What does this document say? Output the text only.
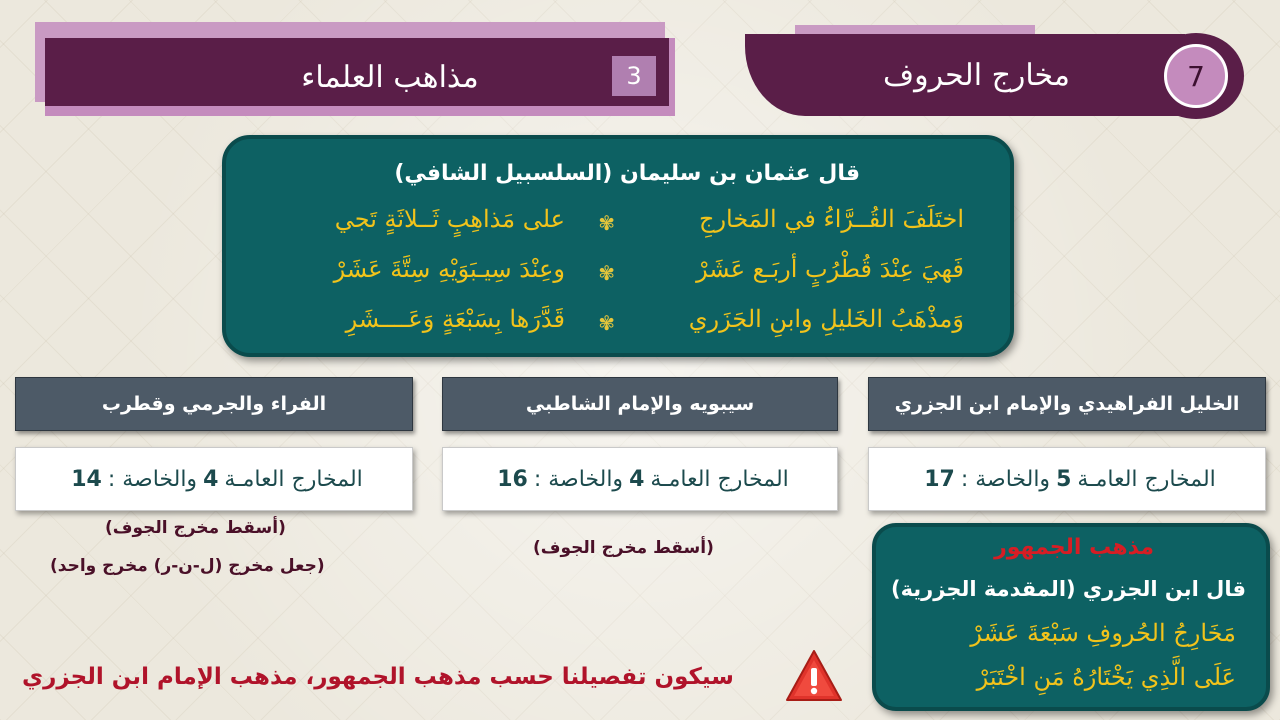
مذاهب العلماء	3	مخارج الحروف	7
قال عثمان بن سليمان (السلسبيل الشافي)
اختَلَفَ القُــرَّاءُ في المَخارجِ
✾
على مَذاهِبٍ ثَــلاثَةٍ تَجي
فَهيَ عِنْدَ قُطْرُبٍ أربَـع عَشَرْ
✾
وعِنْدَ سِيـبَوَيْهِ سِتَّةَ عَشَرْ
وَمذْهَبُ الخَليلِ وابنِ الجَزَري
✾
قَدَّرَها بِسَبْعَةٍ وَعَــــشَرِ
الخليل الفراهيدي والإمام ابن الجزري
سيبويه والإمام الشاطبي
الفراء والجرمي وقطرب
المخارج العامـة
5
والخاصة :
17
المخارج العامـة
4
والخاصة :
16
المخارج العامـة
4
والخاصة :
14
(أسقط مخرج الجوف)
(أسقط مخرج الجوف)
(جعل مخرج (ل-ن-ر) مخرج واحد)
مذهب الجمهور
قال ابن الجزري (المقدمة الجزرية)
مَخَارِجُ الحُروفِ سَبْعَةَ عَشَرْ
عَلَى الَّذِي يَخْتَارُهُ مَنِ اخْتَبَرْ
سيكون تفصيلنا حسب مذهب الجمهور، مذهب الإمام ابن الجزري
